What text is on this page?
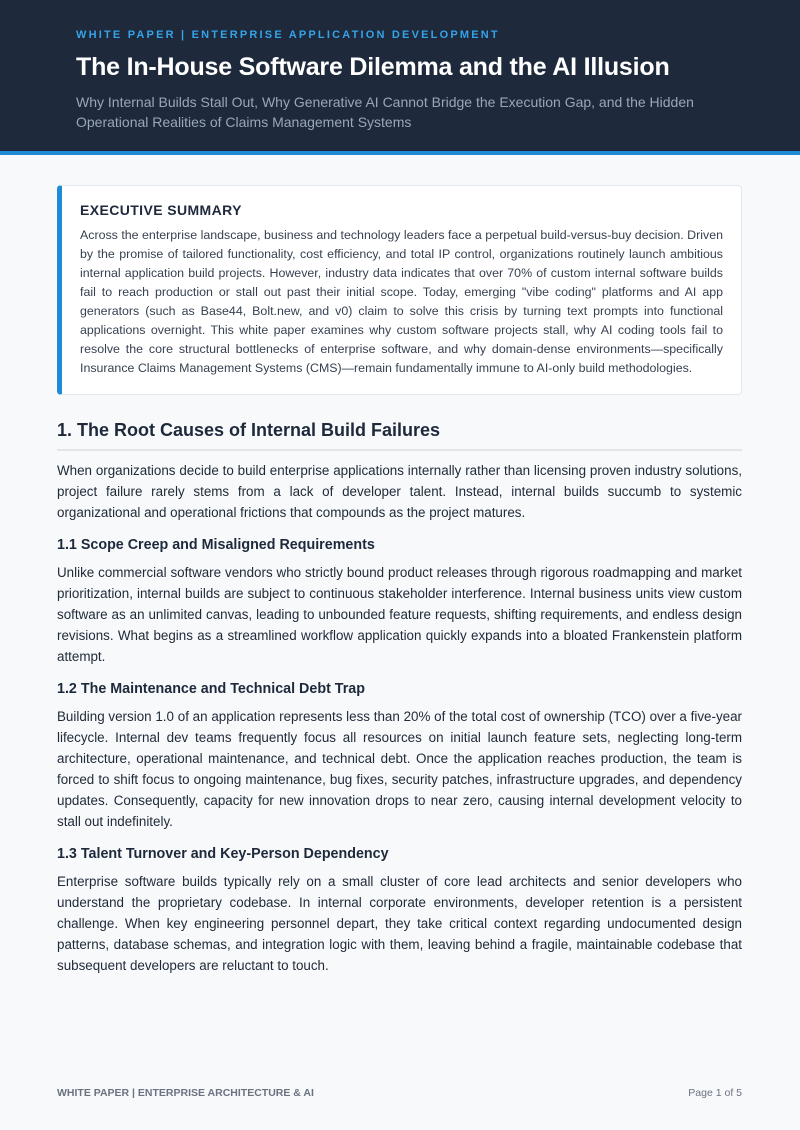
WHITE PAPER | ENTERPRISE APPLICATION DEVELOPMENT
The In-House Software Dilemma and the AI Illusion
Why Internal Builds Stall Out, Why Generative AI Cannot Bridge the Execution Gap, and the Hidden Operational Realities of Claims Management Systems
EXECUTIVE SUMMARY

Across the enterprise landscape, business and technology leaders face a perpetual build-versus-buy decision. Driven by the promise of tailored functionality, cost efficiency, and total IP control, organizations routinely launch ambitious internal application build projects. However, industry data indicates that over 70% of custom internal software builds fail to reach production or stall out past their initial scope. Today, emerging "vibe coding" platforms and AI app generators (such as Base44, Bolt.new, and v0) claim to solve this crisis by turning text prompts into functional applications overnight. This white paper examines why custom software projects stall, why AI coding tools fail to resolve the core structural bottlenecks of enterprise software, and why domain-dense environments—specifically Insurance Claims Management Systems (CMS)—remain fundamentally immune to AI-only build methodologies.

1. The Root Causes of Internal Build Failures

When organizations decide to build enterprise applications internally rather than licensing proven industry solutions, project failure rarely stems from a lack of developer talent. Instead, internal builds succumb to systemic organizational and operational frictions that compounds as the project matures.

1.1 Scope Creep and Misaligned Requirements

Unlike commercial software vendors who strictly bound product releases through rigorous roadmapping and market prioritization, internal builds are subject to continuous stakeholder interference. Internal business units view custom software as an unlimited canvas, leading to unbounded feature requests, shifting requirements, and endless design revisions. What begins as a streamlined workflow application quickly expands into a bloated Frankenstein platform attempt.

1.2 The Maintenance and Technical Debt Trap

Building version 1.0 of an application represents less than 20% of the total cost of ownership (TCO) over a five-year lifecycle. Internal dev teams frequently focus all resources on initial launch feature sets, neglecting long-term architecture, operational maintenance, and technical debt. Once the application reaches production, the team is forced to shift focus to ongoing maintenance, bug fixes, security patches, infrastructure upgrades, and dependency updates. Consequently, capacity for new innovation drops to near zero, causing internal development velocity to stall out indefinitely.

1.3 Talent Turnover and Key-Person Dependency

Enterprise software builds typically rely on a small cluster of core lead architects and senior developers who understand the proprietary codebase. In internal corporate environments, developer retention is a persistent challenge. When key engineering personnel depart, they take critical context regarding undocumented design patterns, database schemas, and integration logic with them, leaving behind a fragile, maintainable codebase that subsequent developers are reluctant to touch.

WHITE PAPER | ENTERPRISE ARCHITECTURE & AI	Page 1 of 5
